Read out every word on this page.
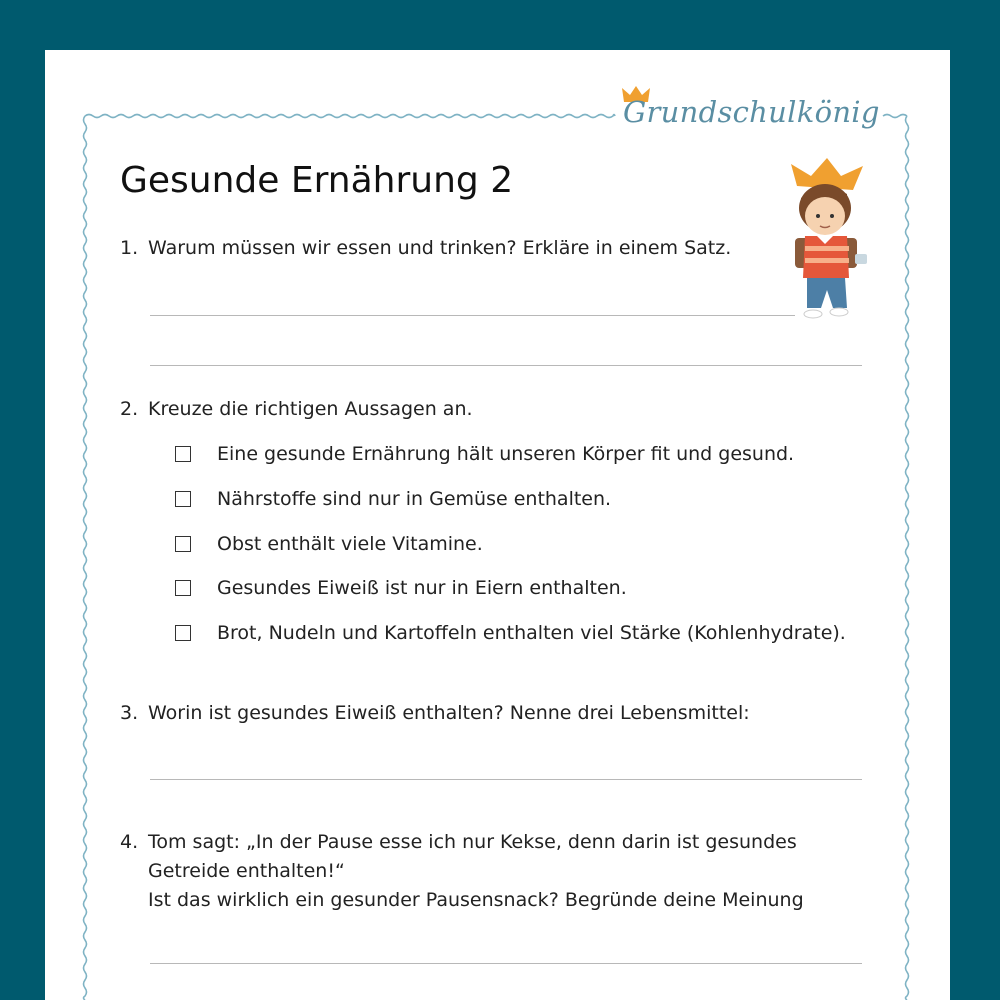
Grundschulkönig
Gesunde Ernährung 2
1. Warum müssen wir essen und trinken? Erkläre in einem Satz.
2. Kreuze die richtigen Aussagen an.
Eine gesunde Ernährung hält unseren Körper fit und gesund.
Nährstoffe sind nur in Gemüse enthalten.
Obst enthält viele Vitamine.
Gesundes Eiweiß ist nur in Eiern enthalten.
Brot, Nudeln und Kartoffeln enthalten viel Stärke (Kohlenhydrate).
3. Worin ist gesundes Eiweiß enthalten? Nenne drei Lebensmittel:
4. Tom sagt: „In der Pause esse ich nur Kekse, denn darin ist gesundes Getreide enthalten!“
Ist das wirklich ein gesunder Pausensnack? Begründe deine Meinung
